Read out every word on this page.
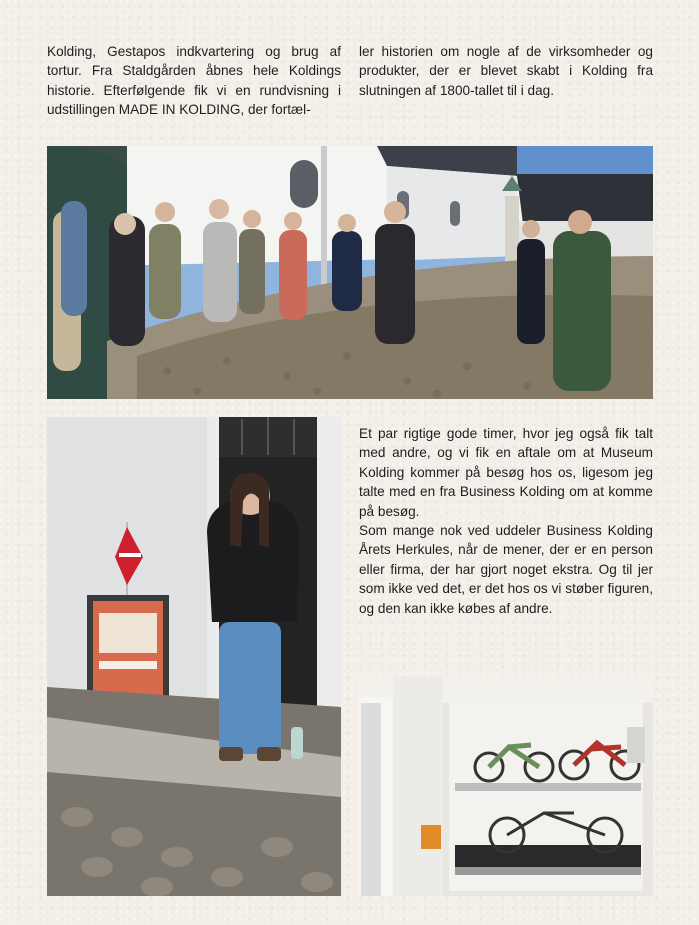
Kolding, Gestapos indkvartering og brug af tortur. Fra Staldgården åbnes hele Koldings historie. Efterfølgende fik vi en rundvisning i udstillingen MADE IN KOLDING, der fortæl-

ler historien om nogle af de virksomheder og produkter, der er blevet skabt i Kolding fra slutningen af 1800-tallet til i dag.

Et par rigtige gode timer, hvor jeg også fik talt med andre, og vi fik en aftale om at Museum Kolding kommer på besøg hos os, ligesom jeg talte med en fra Business Kolding om at komme på besøg.

Som mange nok ved uddeler Business Kolding Årets Herkules, når de mener, der er en person eller firma, der har gjort noget ekstra. Og til jer som ikke ved det, er det hos os vi støber figuren, og den kan ikke købes af andre.
